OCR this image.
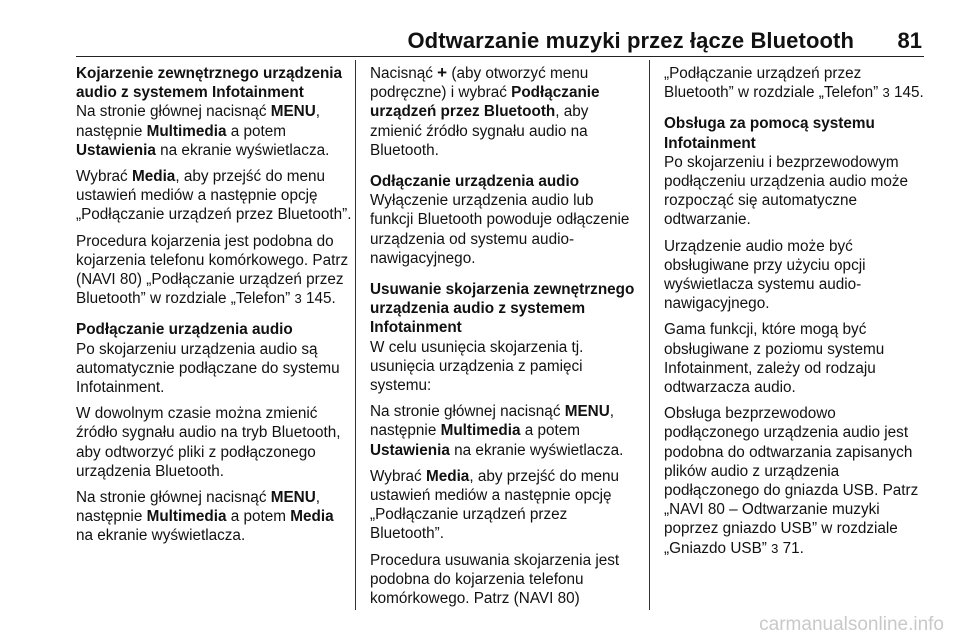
Odtwarzanie muzyki przez łącze Bluetooth 81
Kojarzenie zewnętrznego urządzenia audio z systemem Infotainment

Na stronie głównej nacisnąć MENU, następnie Multimedia a potem Ustawienia na ekranie wyświetlacza.

Wybrać Media, aby przejść do menu ustawień mediów a następnie opcję „Podłączanie urządzeń przez Bluetooth”.

Procedura kojarzenia jest podobna do kojarzenia telefonu komórkowego. Patrz (NAVI 80) „Podłączanie urządzeń przez Bluetooth” w rozdziale „Telefon” 3 145.

Podłączanie urządzenia audio

Po skojarzeniu urządzenia audio są automatycznie podłączane do systemu Infotainment.

W dowolnym czasie można zmienić źródło sygnału audio na tryb Bluetooth, aby odtworzyć pliki z podłączonego urządzenia Bluetooth.

Na stronie głównej nacisnąć MENU, następnie Multimedia a potem Media na ekranie wyświetlacza.

Nacisnąć + (aby otworzyć menu podręczne) i wybrać Podłączanie urządzeń przez Bluetooth, aby zmienić źródło sygnału audio na Bluetooth.

Odłączanie urządzenia audio

Wyłączenie urządzenia audio lub funkcji Bluetooth powoduje odłączenie urządzenia od systemu audio-nawigacyjnego.

Usuwanie skojarzenia zewnętrznego urządzenia audio z systemem Infotainment

W celu usunięcia skojarzenia tj. usunięcia urządzenia z pamięci systemu:

Na stronie głównej nacisnąć MENU, następnie Multimedia a potem Ustawienia na ekranie wyświetlacza.

Wybrać Media, aby przejść do menu ustawień mediów a następnie opcję „Podłączanie urządzeń przez Bluetooth”.

Procedura usuwania skojarzenia jest podobna do kojarzenia telefonu komórkowego. Patrz (NAVI 80)

„Podłączanie urządzeń przez Bluetooth” w rozdziale „Telefon” 3 145.

Obsługa za pomocą systemu Infotainment

Po skojarzeniu i bezprzewodowym podłączeniu urządzenia audio może rozpocząć się automatyczne odtwarzanie.

Urządzenie audio może być obsługiwane przy użyciu opcji wyświetlacza systemu audio-nawigacyjnego.

Gama funkcji, które mogą być obsługiwane z poziomu systemu Infotainment, zależy od rodzaju odtwarzacza audio.

Obsługa bezprzewodowo podłączonego urządzenia audio jest podobna do odtwarzania zapisanych plików audio z urządzenia podłączonego do gniazda USB. Patrz „NAVI 80 – Odtwarzanie muzyki poprzez gniazdo USB” w rozdziale „Gniazdo USB” 3 71.

carmanualsonline.info
